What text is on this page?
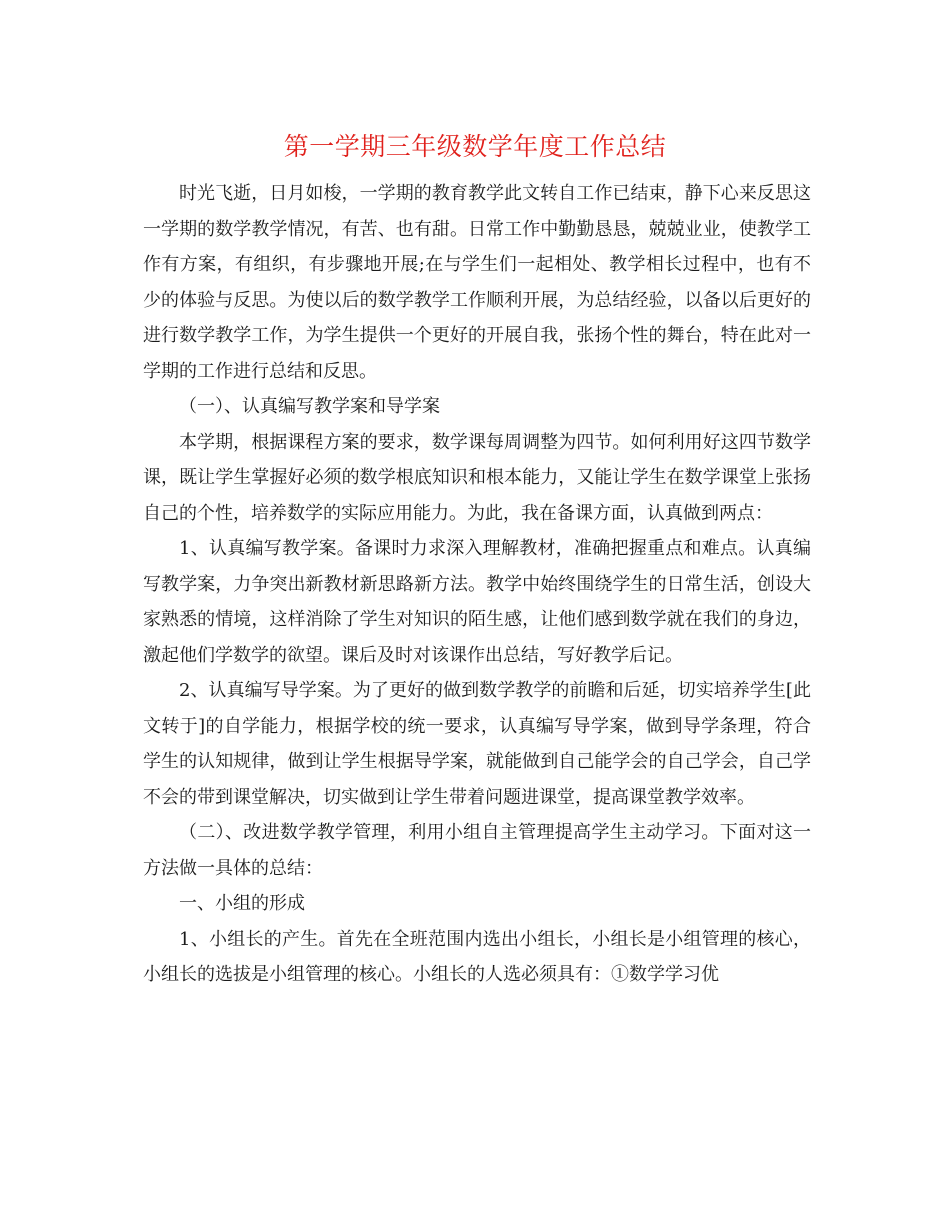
第一学期三年级数学年度工作总结

时光飞逝，日月如梭，一学期的教育教学此文转自工作已结束，静下心来反思这一学期的数学教学情况，有苦、也有甜。日常工作中勤勤恳恳，兢兢业业，使教学工作有方案，有组织，有步骤地开展;在与学生们一起相处、教学相长过程中，也有不少的体验与反思。为使以后的数学教学工作顺利开展，为总结经验，以备以后更好的进行数学教学工作，为学生提供一个更好的开展自我，张扬个性的舞台，特在此对一学期的工作进行总结和反思。

（一）、认真编写教学案和导学案

本学期，根据课程方案的要求，数学课每周调整为四节。如何利用好这四节数学课，既让学生掌握好必须的数学根底知识和根本能力，又能让学生在数学课堂上张扬自己的个性，培养数学的实际应用能力。为此，我在备课方面，认真做到两点：

1、认真编写教学案。备课时力求深入理解教材，准确把握重点和难点。认真编写教学案，力争突出新教材新思路新方法。教学中始终围绕学生的日常生活，创设大家熟悉的情境，这样消除了学生对知识的陌生感，让他们感到数学就在我们的身边，激起他们学数学的欲望。课后及时对该课作出总结，写好教学后记。

2、认真编写导学案。为了更好的做到数学教学的前瞻和后延，切实培养学生[此文转于]的自学能力，根据学校的统一要求，认真编写导学案，做到导学条理，符合学生的认知规律，做到让学生根据导学案，就能做到自己能学会的自己学会，自己学不会的带到课堂解决，切实做到让学生带着问题进课堂，提高课堂教学效率。

（二）、改进数学教学管理，利用小组自主管理提高学生主动学习。下面对这一方法做一具体的总结：

一、小组的形成

1、小组长的产生。首先在全班范围内选出小组长，小组长是小组管理的核心，小组长的选拔是小组管理的核心。小组长的人选必须具有：①数学学习优
